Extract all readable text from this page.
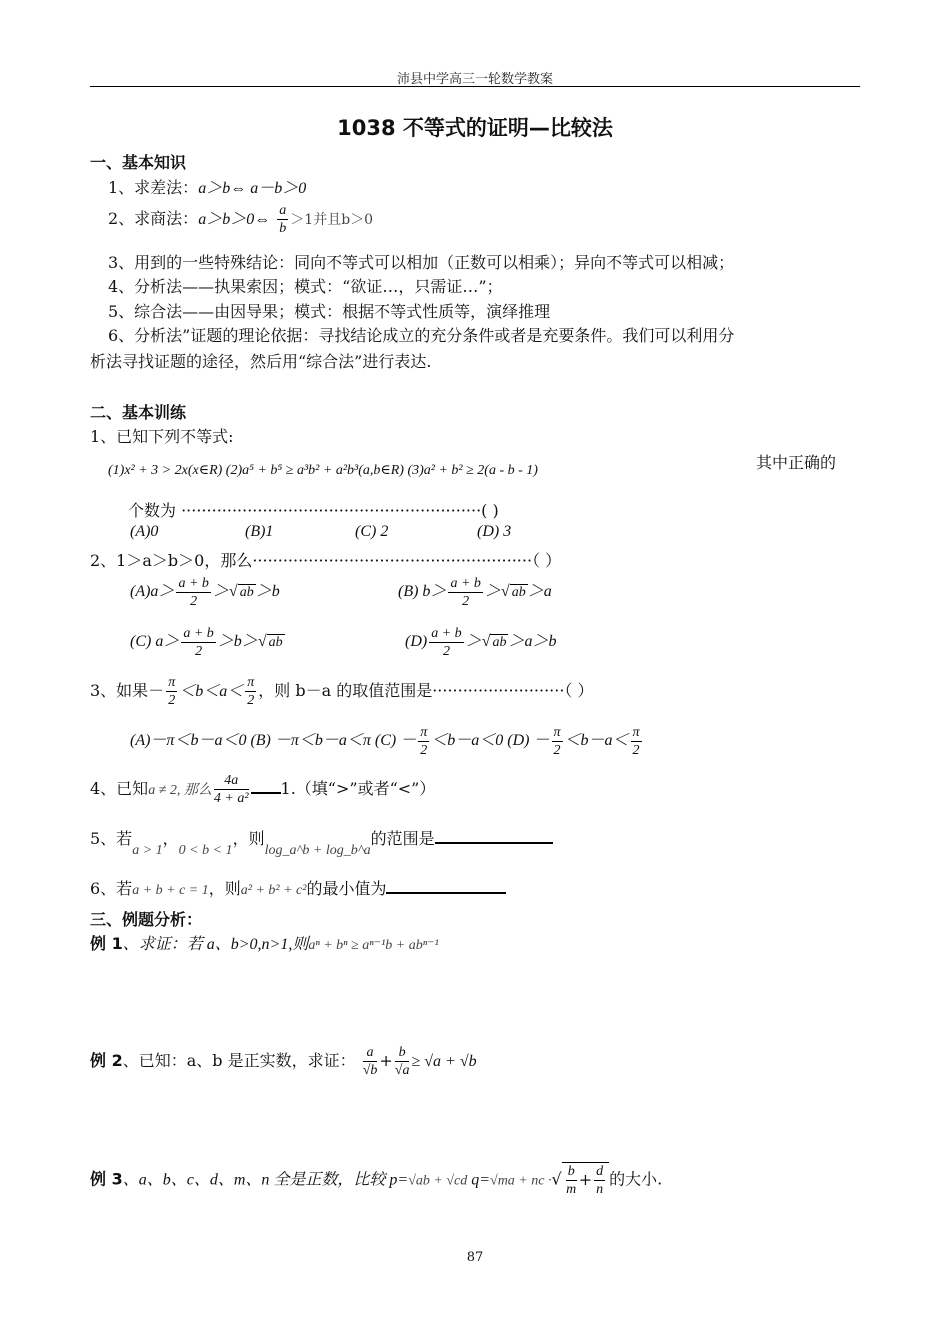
沛县中学高三一轮数学教案
1038 不等式的证明—比较法
一、基本知识
1、求差法：a＞b⇔ a－b＞0
2、求商法：a＞b＞0⇔ $\frac{a}{b} >1$并且b＞0
3、用到的一些特殊结论：同向不等式可以相加（正数可以相乘）；异向不等式可以相减；
4、分析法——执果索因；模式：“欲证…，只需证…”；
5、综合法——由因导果；模式：根据不等式性质等，演绎推理
6、分析法”证题的理论依据：寻找结论成立的充分条件或者是充要条件。我们可以利用分
析法寻找证题的途径，然后用“综合法”进行表达.
二、基本训练
1、已知下列不等式:
(1)x² + 3 > 2x(x∈R) (2)a⁵ + b⁵ ≥ a³b² + a²b³(a,b∈R) (3)a² + b² ≥ 2(a - b - 1)	其中正确的
个数为 ···························································( )
(A)0	(B)1	(C) 2	(D) 3
2、1＞a＞b＞0，那么·······················································（ ）
$(A)a> \frac{a + b}{2}$ ＞√ ab ＞b	(B) $b> \frac{a + b}{2}$ ＞√ ab ＞a
(C) $a> \frac{a + b}{2} >b>√$ ab	$(D) \frac{a + b}{2}$ ＞√ ab ＞a＞b
3、如果－ $\frac{\pi}{2} <b<a< \frac{\pi}{2}$ ，则 b－a 的取值范围是··························（ ）
(A)－π＜b－a＜0 (B) －π＜b－a＜π $(C) - \frac{\pi}{2} <b-a<0$ $(D) - \frac{\pi}{2} <b-a< \frac{\pi}{2}$
4、已知a ≠ 2, 那么 $\frac{4a}{\text{4 + a²}} 1$.（填“>”或者“<”）
5、若a > 1，0 < b < 1，则log_a^b + log_b^a的范围是
6、若a + b + c = 1，则a² + b² + c²的最小值为
三、例题分析：
例 1、求证：若 a、b>0,n>1,则aⁿ + bⁿ ≥ aⁿ⁻¹b + abⁿ⁻¹
例 2、已知：a、b 是正实数，求证： $\frac{a}{√b} + \frac{b}{√a} \ge √a + √b$
例 3、a、b、c、d、m、n 全是正数，比较 p=√ab + √cd q=√ma + nc ·√ $\frac{b}{m} + \frac{d}{n}$ 的大小.
87
